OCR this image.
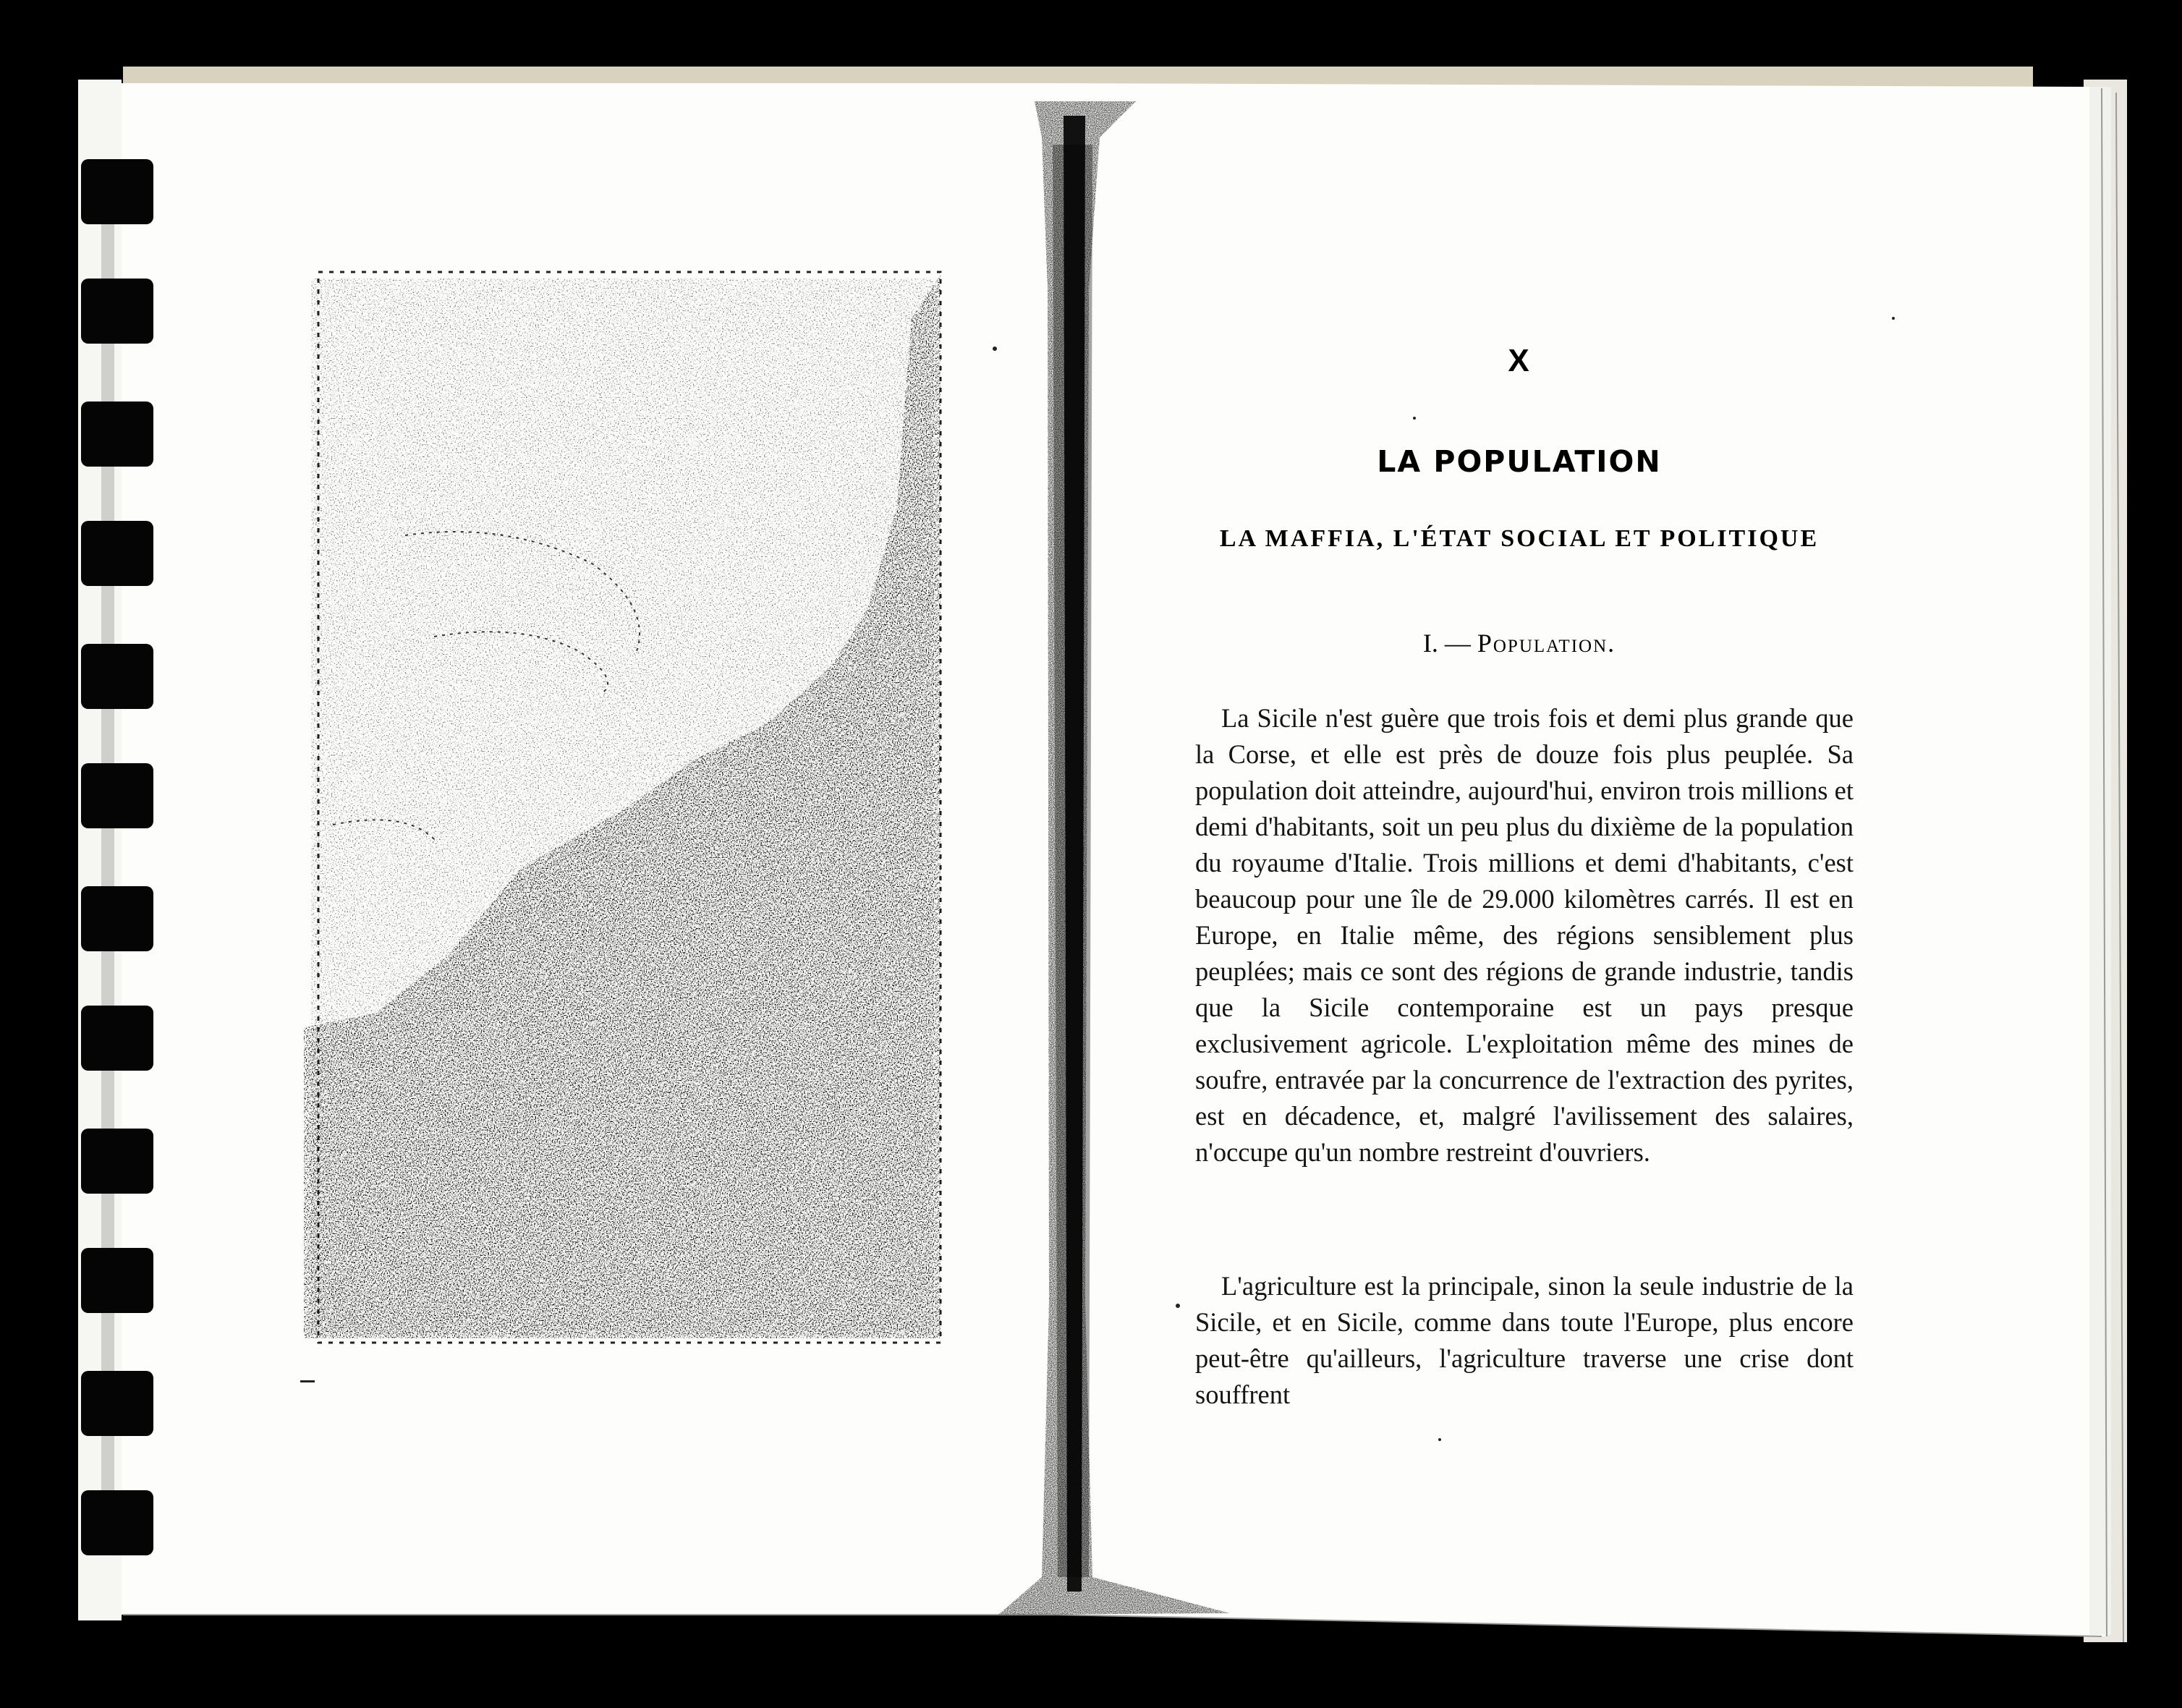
X
LA POPULATION
LA MAFFIA, L'ÉTAT SOCIAL ET POLITIQUE
I. — Population.
La Sicile n'est guère que trois fois et demi plus grande que la Corse, et elle est près de douze fois plus peuplée. Sa population doit atteindre, aujourd'hui, environ trois millions et demi d'habitants, soit un peu plus du dixième de la population du royaume d'Italie. Trois millions et demi d'habitants, c'est beaucoup pour une île de 29.000 kilomètres carrés. Il est en Europe, en Italie même, des régions sensiblement plus peuplées; mais ce sont des régions de grande industrie, tandis que la Sicile contemporaine est un pays presque exclusivement agricole. L'exploitation même des mines de soufre, entravée par la concurrence de l'extraction des pyrites, est en décadence, et, malgré l'avilissement des salaires, n'occupe qu'un nombre restreint d'ouvriers.
L'agriculture est la principale, sinon la seule industrie de la Sicile, et en Sicile, comme dans toute l'Europe, plus encore peut-être qu'ailleurs, l'agriculture traverse une crise dont souffrent
